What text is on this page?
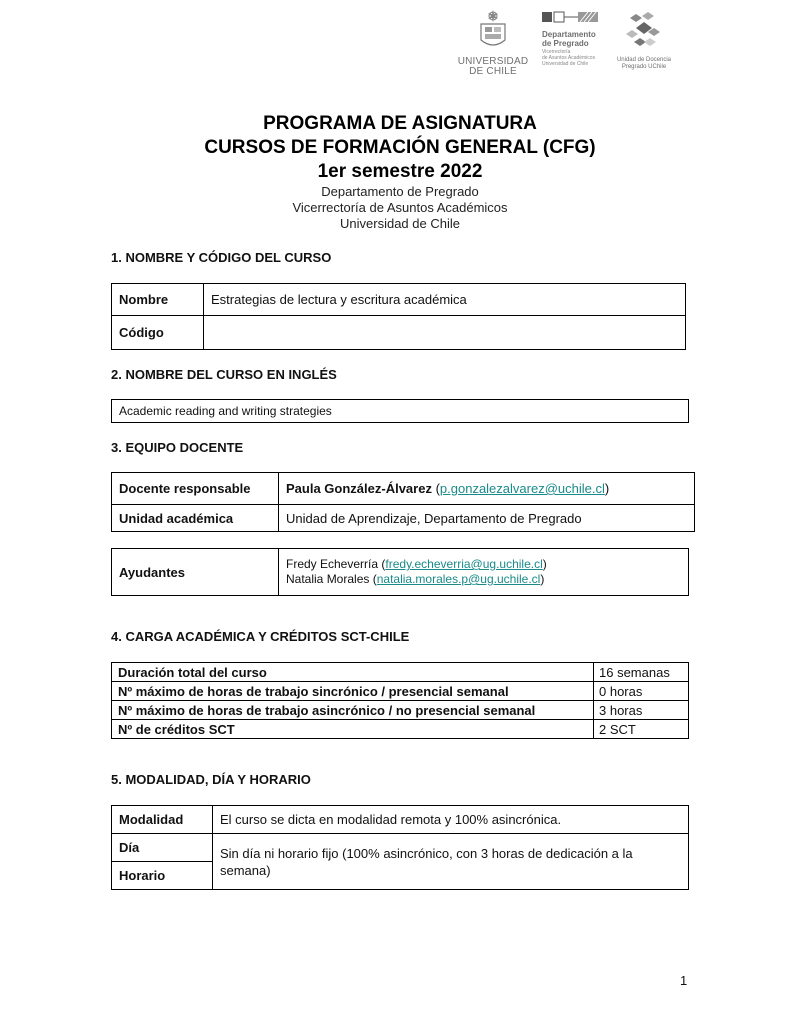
UNIVERSIDAD
DE CHILE
Departamento
de Pregrado
Vicerrectoría
de Asuntos Académicos
Universidad de Chile
Unidad de Docencia
Pregrado UChile
PROGRAMA DE ASIGNATURA
CURSOS DE FORMACIÓN GENERAL (CFG)
1er semestre 2022
Departamento de Pregrado
Vicerrectoría de Asuntos Académicos
Universidad de Chile
1. NOMBRE Y CÓDIGO DEL CURSO
Nombre	Estrategias de lectura y escritura académica
Código	
2. NOMBRE DEL CURSO EN INGLÉS
Academic reading and writing strategies
3. EQUIPO DOCENTE
Docente responsable	Paula González-Álvarez (p.gonzalezalvarez@uchile.cl)
Unidad académica	Unidad de Aprendizaje, Departamento de Pregrado
Ayudantes	
Fredy Echeverría (fredy.echeverria@ug.uchile.cl)
Natalia Morales (natalia.morales.p@ug.uchile.cl)
4. CARGA ACADÉMICA Y CRÉDITOS SCT-CHILE
Duración total del curso	16 semanas
Nº máximo de horas de trabajo sincrónico / presencial semanal	0 horas
Nº máximo de horas de trabajo asincrónico / no presencial semanal	3 horas
Nº de créditos SCT	2 SCT
5. MODALIDAD, DÍA Y HORARIO
Modalidad	El curso se dicta en modalidad remota y 100% asincrónica.
Día	Sin día ni horario fijo (100% asincrónico, con 3 horas de dedicación a la semana)
Horario	
1
